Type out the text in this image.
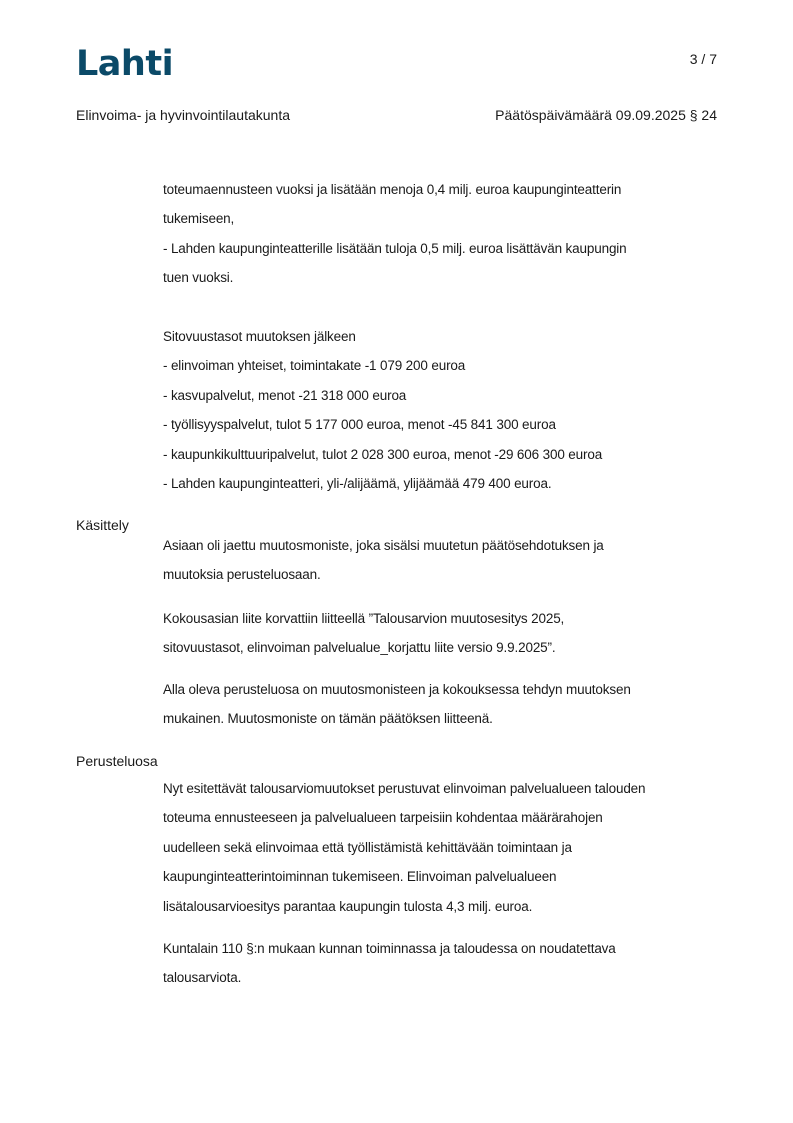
Lahti	3 / 7
Elinvoima- ja hyvinvointilautakunta	Päätöspäivämäärä 09.09.2025 § 24
toteumaennusteen vuoksi ja lisätään menoja 0,4 milj. euroa kaupunginteatterin
tukemiseen,
- Lahden kaupunginteatterille lisätään tuloja 0,5 milj. euroa lisättävän kaupungin
tuen vuoksi.
Sitovuustasot muutoksen jälkeen
- elinvoiman yhteiset, toimintakate -1 079 200 euroa
- kasvupalvelut, menot -21 318 000 euroa
- työllisyyspalvelut, tulot 5 177 000 euroa, menot -45 841 300 euroa
- kaupunkikulttuuripalvelut, tulot 2 028 300 euroa, menot -29 606 300 euroa
- Lahden kaupunginteatteri, yli-/alijäämä, ylijäämää 479 400 euroa.
Käsittely
Asiaan oli jaettu muutosmoniste, joka sisälsi muutetun päätösehdotuksen ja
muutoksia perusteluosaan.
Kokousasian liite korvattiin liitteellä ”Talousarvion muutosesitys 2025,
sitovuustasot, elinvoiman palvelualue_korjattu liite versio 9.9.2025”.
Alla oleva perusteluosa on muutosmonisteen ja kokouksessa tehdyn muutoksen
mukainen. Muutosmoniste on tämän päätöksen liitteenä.
Perusteluosa
Nyt esitettävät talousarviomuutokset perustuvat elinvoiman palvelualueen talouden
toteuma ennusteeseen ja palvelualueen tarpeisiin kohdentaa määrärahojen
uudelleen sekä elinvoimaa että työllistämistä kehittävään toimintaan ja
kaupunginteatterintoiminnan tukemiseen. Elinvoiman palvelualueen
lisätalousarvioesitys parantaa kaupungin tulosta 4,3 milj. euroa.
Kuntalain 110 §:n mukaan kunnan toiminnassa ja taloudessa on noudatettava
talousarviota.
